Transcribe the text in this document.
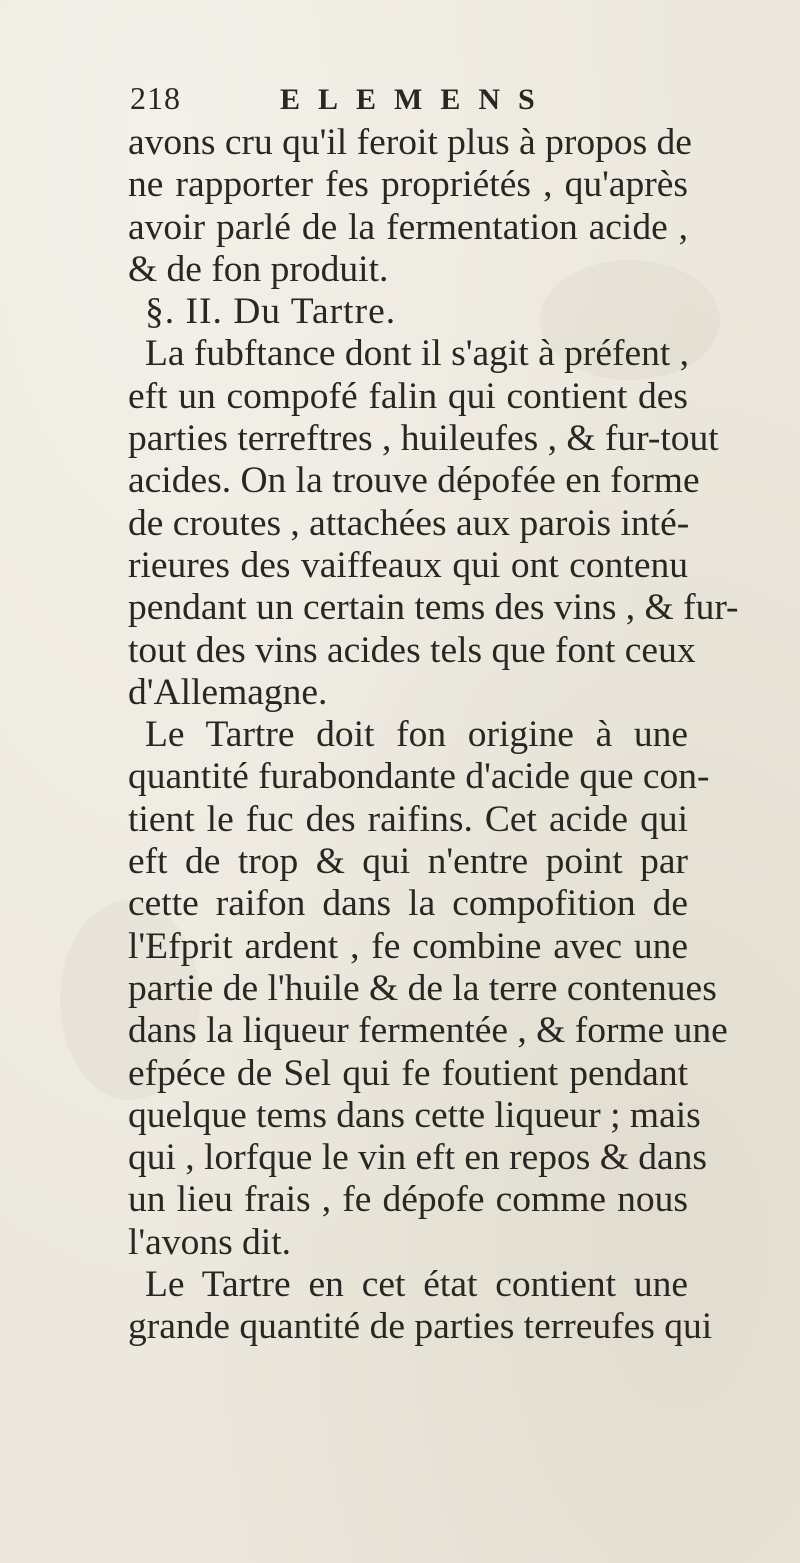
218	ELEMENS
avons cru qu'il feroit plus à propos de
ne rapporter fes propriétés , qu'après
avoir parlé de la fermentation acide ,
& de fon produit.
§. II. Du Tartre.
La fubftance dont il s'agit à préfent ,
eft un compofé falin qui contient des
parties terreftres , huileufes , & fur-tout
acides. On la trouve dépofée en forme
de croutes , attachées aux parois inté-
rieures des vaiffeaux qui ont contenu
pendant un certain tems des vins , & fur-
tout des vins acides tels que font ceux
d'Allemagne.
Le Tartre doit fon origine à une
quantité furabondante d'acide que con-
tient le fuc des raifins. Cet acide qui
eft de trop & qui n'entre point par
cette raifon dans la compofition de
l'Efprit ardent , fe combine avec une
partie de l'huile & de la terre contenues
dans la liqueur fermentée , & forme une
efpéce de Sel qui fe foutient pendant
quelque tems dans cette liqueur ; mais
qui , lorfque le vin eft en repos & dans
un lieu frais , fe dépofe comme nous
l'avons dit.
Le Tartre en cet état contient une
grande quantité de parties terreufes qui
